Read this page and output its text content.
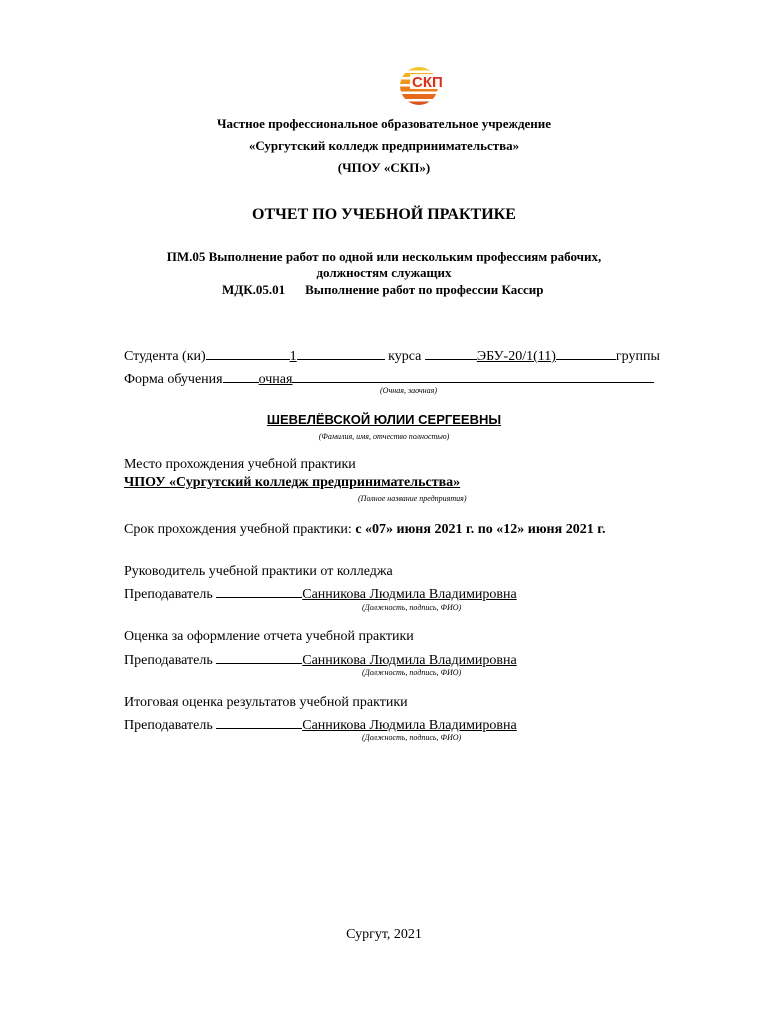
СКП
Частное профессиональное образовательное учреждение
«Сургутский колледж предпринимательства»
(ЧПОУ «СКП»)
ОТЧЕТ ПО УЧЕБНОЙ ПРАКТИКЕ
ПМ.05 Выполнение работ по одной или нескольким профессиям рабочих,
должностям служащих
МДК.05.01 Выполнение работ по профессии Кассир
Студента (ки)	1	курса	ЭБУ-20/1(11)	группы
Форма обучения	очная
(Очная, заочная)
ШЕВЕЛЁВСКОЙ ЮЛИИ СЕРГЕЕВНЫ
(Фамилия, имя, отчество полностью)
Место прохождения учебной практики
ЧПОУ «Сургутский колледж предпринимательства»
(Полное название предприятия)
Срок прохождения учебной практики: с «07» июня 2021 г. по «12» июня 2021 г.
Руководитель учебной практики от колледжа
Преподаватель	Санникова Людмила Владимировна
(Должность, подпись, ФИО)
Оценка за оформление отчета учебной практики
Преподаватель	Санникова Людмила Владимировна
(Должность, подпись, ФИО)
Итоговая оценка результатов учебной практики
Преподаватель	Санникова Людмила Владимировна
(Должность, подпись, ФИО)
Сургут, 2021
